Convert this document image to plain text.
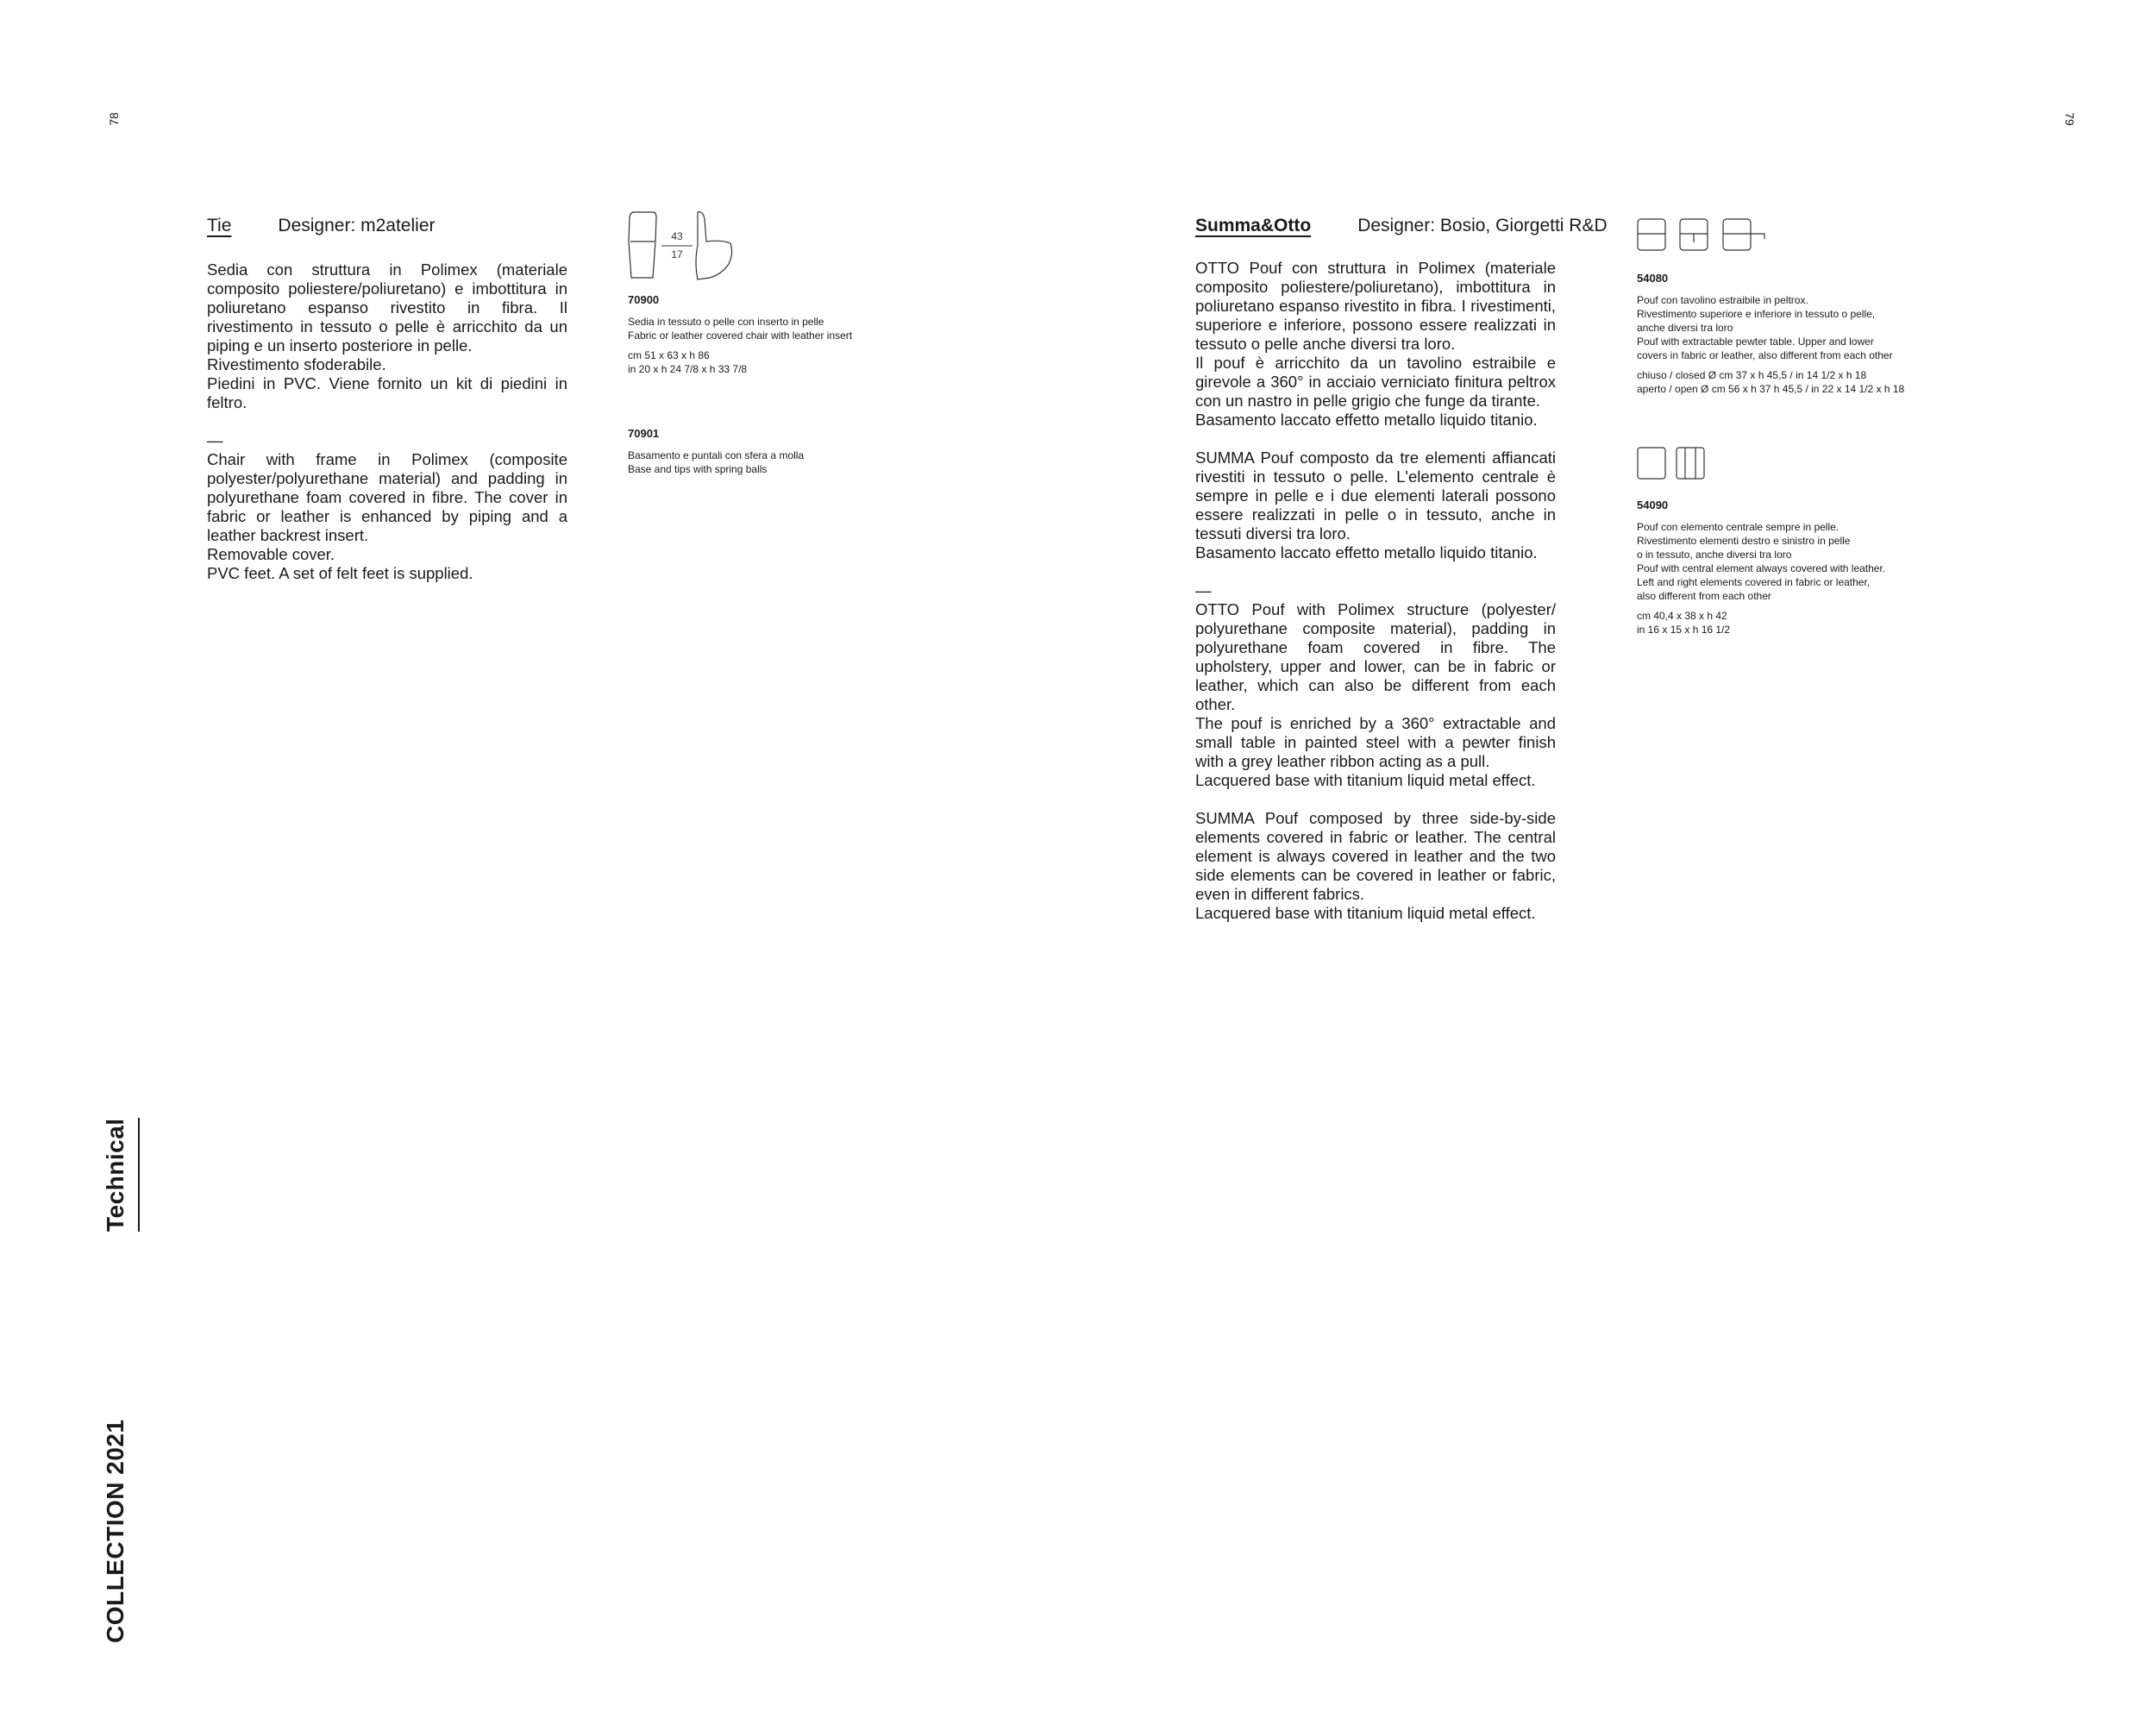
78	79
Technical
COLLECTION 2021
Tie	Designer: m2atelier

Sedia con struttura in Polimex (materiale composito poliestere/poliuretano) e imbottitura in poliuretano espanso rivestito in fibra. Il rivestimento in tessuto o pelle è arricchito da un piping e un inserto posteriore in pelle.

Rivestimento sfoderabile.

Piedini in PVC. Viene fornito un kit di piedini in feltro.

—

Chair with frame in Polimex (composite polyester/polyurethane material) and padding in polyurethane foam covered in fibre. The cover in fabric or leather is enhanced by piping and a leather backrest insert.

Removable cover.

PVC feet. A set of felt feet is supplied.

43
17
70900

Sedia in tessuto o pelle con inserto in pelle

Fabric or leather covered chair with leather insert

cm 51 x 63 x h 86

in 20 x h 24 7/8 x h 33 7/8

70901

Basamento e puntali con sfera a molla

Base and tips with spring balls

Summa&Otto	Designer: Bosio, Giorgetti R&D

OTTO Pouf con struttura in Polimex (materiale composito poliestere/poliuretano), imbottitura in poliuretano espanso rivestito in fibra. I rivestimenti, superiore e inferiore, possono essere realizzati in tessuto o pelle anche diversi tra loro.

Il pouf è arricchito da un tavolino estraibile e girevole a 360° in acciaio verniciato finitura peltrox con un nastro in pelle grigio che funge da tirante.

Basamento laccato effetto metallo liquido titanio.

SUMMA Pouf composto da tre elementi affiancati rivestiti in tessuto o pelle. L'elemento centrale è sempre in pelle e i due elementi laterali possono essere realizzati in pelle o in tessuto, anche in tessuti diversi tra loro.

Basamento laccato effetto metallo liquido titanio.

—

OTTO Pouf with Polimex structure (polyester/ polyurethane composite material), padding in polyurethane foam covered in fibre. The upholstery, upper and lower, can be in fabric or leather, which can also be different from each other.

The pouf is enriched by a 360° extractable and small table in painted steel with a pewter finish with a grey leather ribbon acting as a pull.

Lacquered base with titanium liquid metal effect.

SUMMA Pouf composed by three side-by-side elements covered in fabric or leather. The central element is always covered in leather and the two side elements can be covered in leather or fabric, even in different fabrics.

Lacquered base with titanium liquid metal effect.

54080

Pouf con tavolino estraibile in peltrox.

Rivestimento superiore e inferiore in tessuto o pelle,

anche diversi tra loro

Pouf with extractable pewter table. Upper and lower

covers in fabric or leather, also different from each other

chiuso / closed Ø cm 37 x h 45,5 / in 14 1/2 x h 18

aperto / open Ø cm 56 x h 37 h 45,5 / in 22 x 14 1/2 x h 18

54090

Pouf con elemento centrale sempre in pelle.

Rivestimento elementi destro e sinistro in pelle

o in tessuto, anche diversi tra loro

Pouf with central element always covered with leather.

Left and right elements covered in fabric or leather,

also different from each other

cm 40,4 x 38 x h 42

in 16 x 15 x h 16 1/2
